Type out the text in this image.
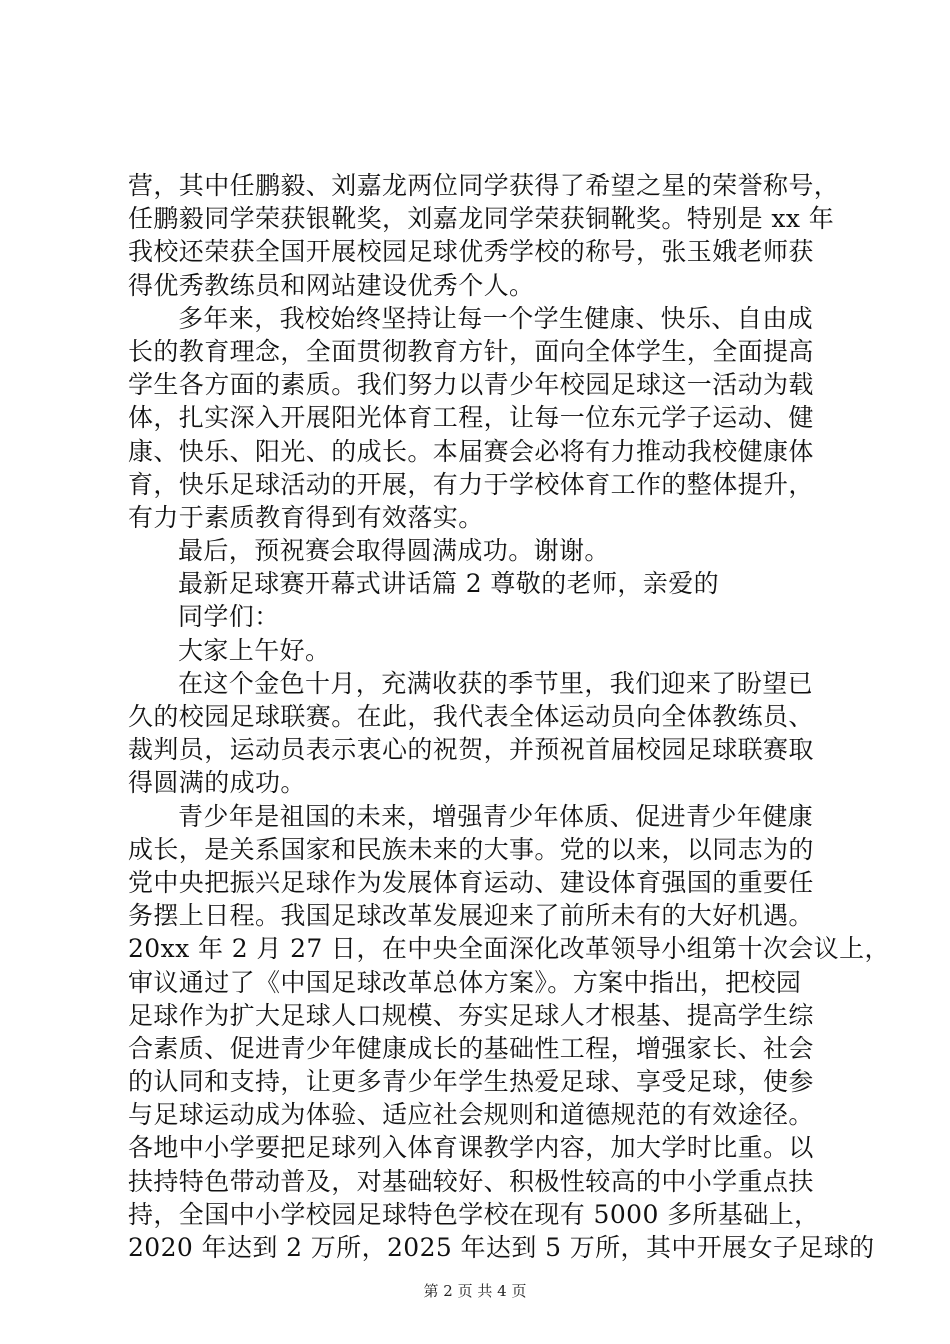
营，其中任鹏毅、刘嘉龙两位同学获得了希望之星的荣誉称号，
任鹏毅同学荣获银靴奖，刘嘉龙同学荣获铜靴奖。特别是 xx 年
我校还荣获全国开展校园足球优秀学校的称号，张玉娥老师获
得优秀教练员和网站建设优秀个人。
多年来，我校始终坚持让每一个学生健康、快乐、自由成
长的教育理念，全面贯彻教育方针，面向全体学生，全面提高
学生各方面的素质。我们努力以青少年校园足球这一活动为载
体，扎实深入开展阳光体育工程，让每一位东元学子运动、健
康、快乐、阳光、的成长。本届赛会必将有力推动我校健康体
育，快乐足球活动的开展，有力于学校体育工作的整体提升，
有力于素质教育得到有效落实。
最后，预祝赛会取得圆满成功。谢谢。
最新足球赛开幕式讲话篇 2 尊敬的老师，亲爱的
同学们：
大家上午好。
在这个金色十月，充满收获的季节里，我们迎来了盼望已
久的校园足球联赛。在此，我代表全体运动员向全体教练员、
裁判员，运动员表示衷心的祝贺，并预祝首届校园足球联赛取
得圆满的成功。
青少年是祖国的未来，增强青少年体质、促进青少年健康
成长，是关系国家和民族未来的大事。党的以来，以同志为的
党中央把振兴足球作为发展体育运动、建设体育强国的重要任
务摆上日程。我国足球改革发展迎来了前所未有的大好机遇。
20xx 年 2 月 27 日，在中央全面深化改革领导小组第十次会议上，
审议通过了《中国足球改革总体方案》。方案中指出，把校园
足球作为扩大足球人口规模、夯实足球人才根基、提高学生综
合素质、促进青少年健康成长的基础性工程，增强家长、社会
的认同和支持，让更多青少年学生热爱足球、享受足球，使参
与足球运动成为体验、适应社会规则和道德规范的有效途径。
各地中小学要把足球列入体育课教学内容，加大学时比重。以
扶持特色带动普及，对基础较好、积极性较高的中小学重点扶
持，全国中小学校园足球特色学校在现有 5000 多所基础上，
2020 年达到 2 万所，2025 年达到 5 万所，其中开展女子足球的
第 2 页 共 4 页
